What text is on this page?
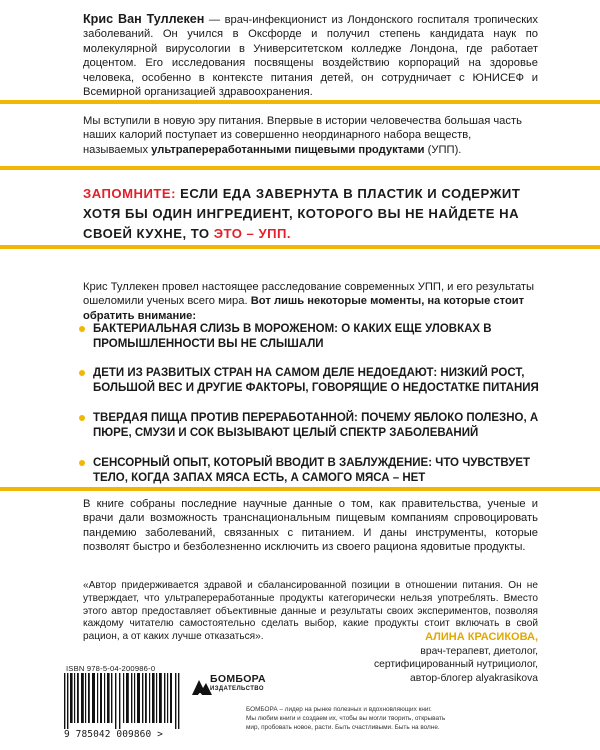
Крис Ван Туллекен — врач-инфекционист из Лондонского госпиталя тропических заболеваний. Он учился в Оксфорде и получил степень кандидата наук по молекулярной вирусологии в Университетском колледже Лондона, где работает доцентом. Его исследования посвящены воздействию корпораций на здоровье человека, особенно в контексте питания детей, он сотрудничает с ЮНИСЕФ и Всемирной организацией здравоохранения.
Мы вступили в новую эру питания. Впервые в истории человечества большая часть наших калорий поступает из совершенно неординарного набора веществ, называемых ультрапереработанными пищевыми продуктами (УПП).
ЗАПОМНИТЕ: ЕСЛИ ЕДА ЗАВЕРНУТА В ПЛАСТИК И СОДЕРЖИТ ХОТЯ БЫ ОДИН ИНГРЕДИЕНТ, КОТОРОГО ВЫ НЕ НАЙДЕТЕ НА СВОЕЙ КУХНЕ, ТО ЭТО – УПП.
Крис Туллекен провел настоящее расследование современных УПП, и его результаты ошеломили ученых всего мира. Вот лишь некоторые моменты, на которые стоит обратить внимание:
БАКТЕРИАЛЬНАЯ СЛИЗЬ В МОРОЖЕНОМ: О КАКИХ ЕЩЕ УЛОВКАХ В ПРОМЫШЛЕННОСТИ ВЫ НЕ СЛЫШАЛИ
ДЕТИ ИЗ РАЗВИТЫХ СТРАН НА САМОМ ДЕЛЕ НЕДОЕДАЮТ: НИЗКИЙ РОСТ, БОЛЬШОЙ ВЕС И ДРУГИЕ ФАКТОРЫ, ГОВОРЯЩИЕ О НЕДОСТАТКЕ ПИТАНИЯ
ТВЕРДАЯ ПИЩА ПРОТИВ ПЕРЕРАБОТАННОЙ: ПОЧЕМУ ЯБЛОКО ПОЛЕЗНО, А ПЮРЕ, СМУЗИ И СОК ВЫЗЫВАЮТ ЦЕЛЫЙ СПЕКТР ЗАБОЛЕВАНИЙ
СЕНСОРНЫЙ ОПЫТ, КОТОРЫЙ ВВОДИТ В ЗАБЛУЖДЕНИЕ: ЧТО ЧУВСТВУЕТ ТЕЛО, КОГДА ЗАПАХ МЯСА ЕСТЬ, А САМОГО МЯСА – НЕТ
В книге собраны последние научные данные о том, как правительства, ученые и врачи дали возможность транснациональным пищевым компаниям спровоцировать пандемию заболеваний, связанных с питанием. И даны инструменты, которые позволят быстро и безболезненно исключить из своего рациона ядовитые продукты.
«Автор придерживается здравой и сбалансированной позиции в отношении питания. Он не утверждает, что ультрапереработанные продукты категорически нельзя употреблять. Вместо этого автор предоставляет объективные данные и результаты своих экспериментов, позволяя каждому читателю самостоятельно сделать выбор, какие продукты стоит включать в свой рацион, а от каких лучше отказаться».	АЛИНА КРАСИКОВА,
врач-терапевт, диетолог,
сертифицированный нутрициолог,
автор-блогер alyakrasikova
ISBN 978-5-04-200986-0
9 785042 009860 >
БОМБОРА
ИЗДАТЕЛЬСТВО
БОМБОРА – лидер на рынке полезных и вдохновляющих книг.
Мы любим книги и создаем их, чтобы вы могли творить, открывать
мир, пробовать новое, расти. Быть счастливыми. Быть на волне.
